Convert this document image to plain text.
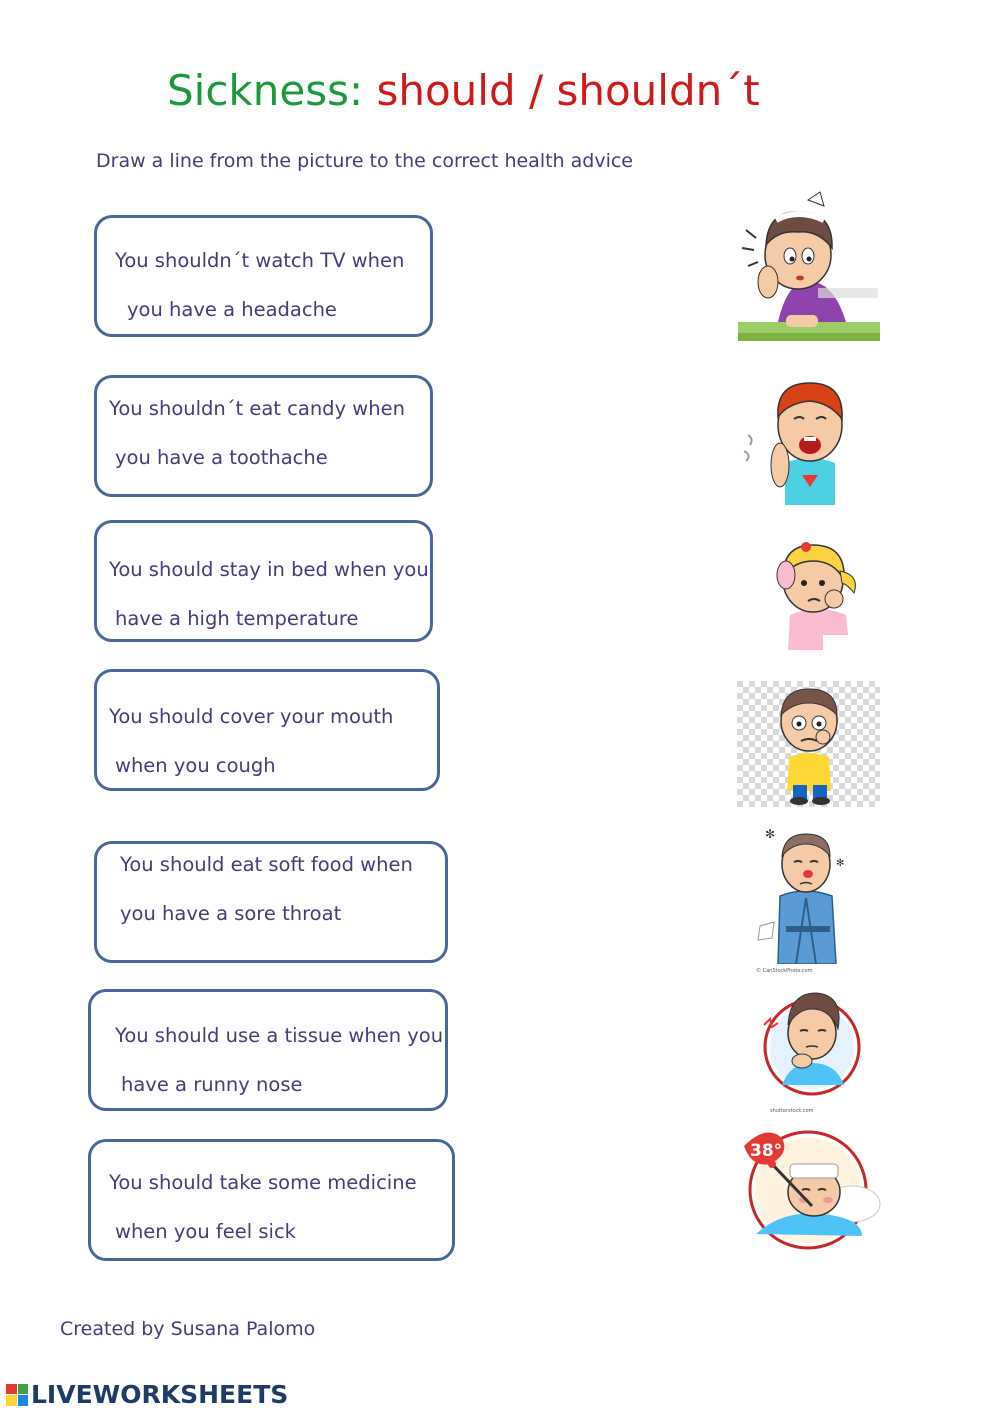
Sickness: should / shouldn´t
Draw a line from the picture to the correct health advice
You shouldn´t watch TV when
you have a headache
You shouldn´t eat candy when
you have a toothache
You should stay in bed when you
have a high temperature
You should cover your mouth
when you cough
You should eat soft food when
you have a sore throat
You should use a tissue when you
have a runny nose
You should take some medicine
when you feel sick
✻
✻
© CanStockPhoto.com
shutterstock.com
38°
Created by Susana Palomo
LIVEWORKSHEETS
